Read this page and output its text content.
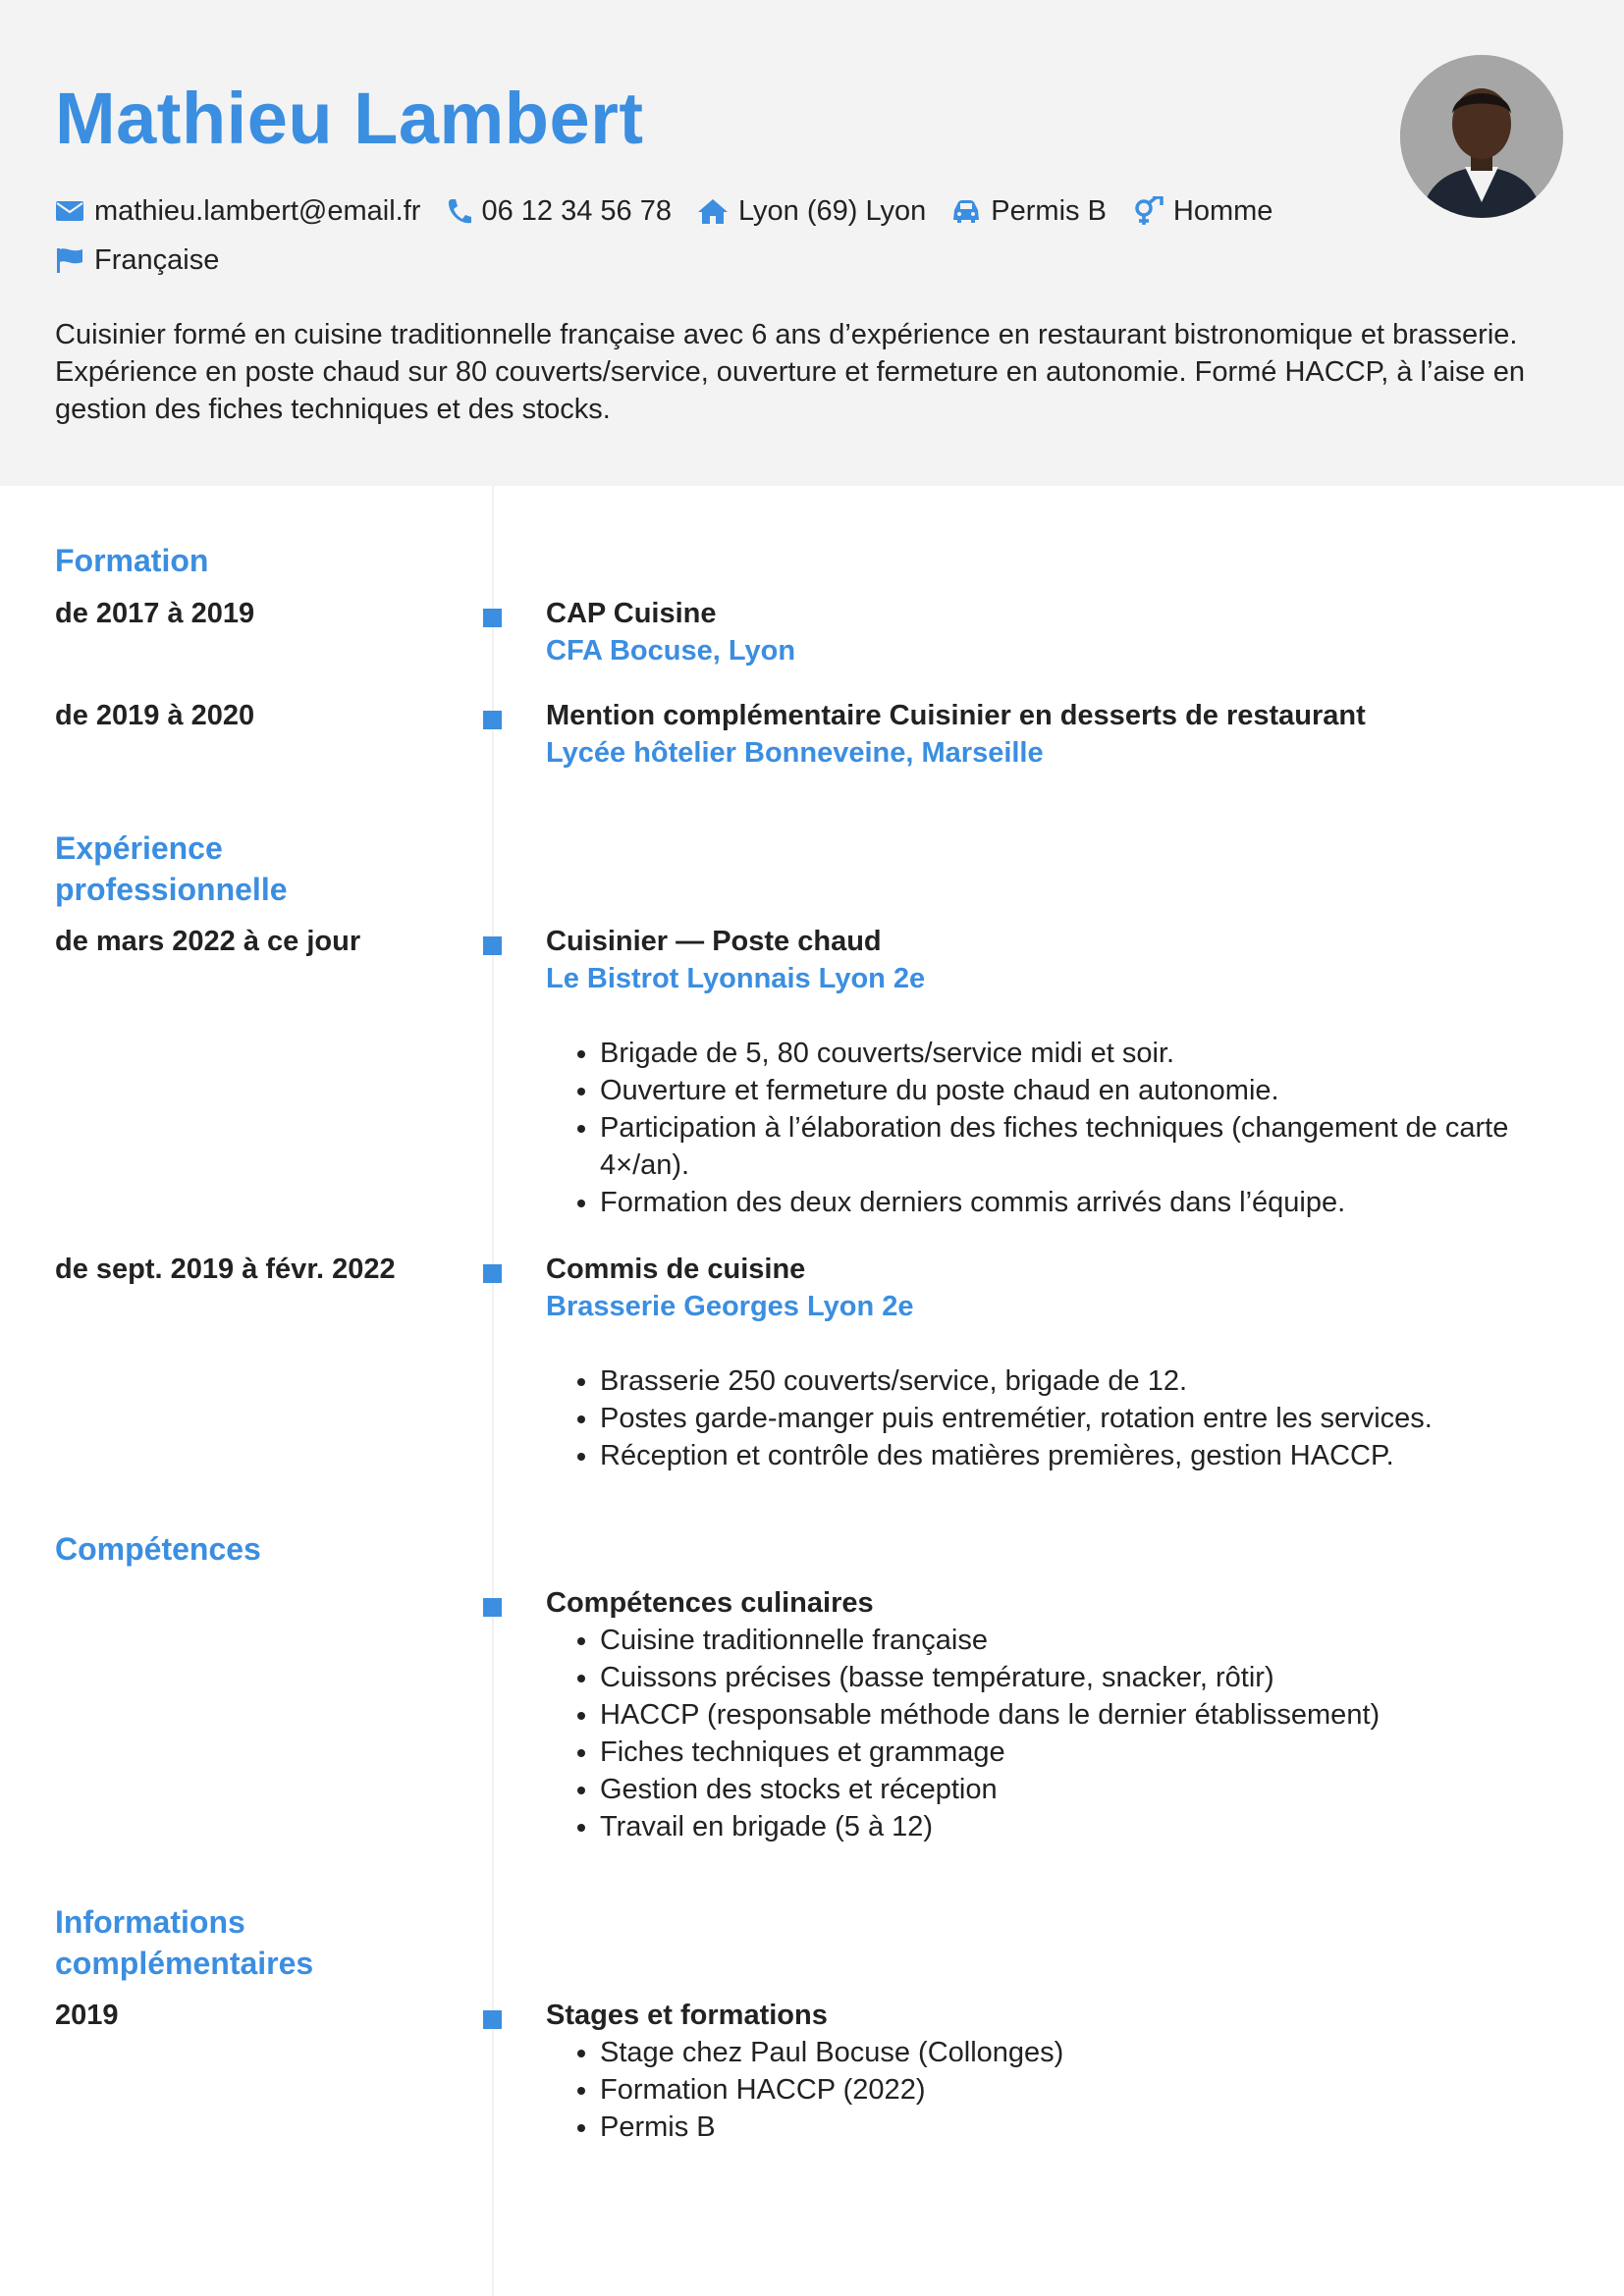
Mathieu Lambert
mathieu.lambert@email.fr 06 12 34 56 78 Lyon (69) Lyon Permis B Homme
Française

Cuisinier formé en cuisine traditionnelle française avec 6 ans d’expérience en restaurant bistronomique et brasserie. Expérience en poste chaud sur 80 couverts/service, ouverture et fermeture en autonomie. Formé HACCP, à l’aise en gestion des fiches techniques et des stocks.

Formation
de 2017 à 2019	CAP Cuisine
CFA Bocuse, Lyon
de 2019 à 2020	Mention complémentaire Cuisinier en desserts de restaurant
Lycée hôtelier Bonneveine, Marseille
Expérience professionnelle
de mars 2022 à ce jour	Cuisinier — Poste chaud
Le Bistrot Lyonnais Lyon 2e
• Brigade de 5, 80 couverts/service midi et soir.
• Ouverture et fermeture du poste chaud en autonomie.
• Participation à l’élaboration des fiches techniques (changement de carte 4×/an).
• Formation des deux derniers commis arrivés dans l’équipe.
de sept. 2019 à févr. 2022	Commis de cuisine
Brasserie Georges Lyon 2e
• Brasserie 250 couverts/service, brigade de 12.
• Postes garde-manger puis entremétier, rotation entre les services.
• Réception et contrôle des matières premières, gestion HACCP.
Compétences
Compétences culinaires
• Cuisine traditionnelle française
• Cuissons précises (basse température, snacker, rôtir)
• HACCP (responsable méthode dans le dernier établissement)
• Fiches techniques et grammage
• Gestion des stocks et réception
• Travail en brigade (5 à 12)
Informations complémentaires
2019	Stages et formations
• Stage chez Paul Bocuse (Collonges)
• Formation HACCP (2022)
• Permis B
